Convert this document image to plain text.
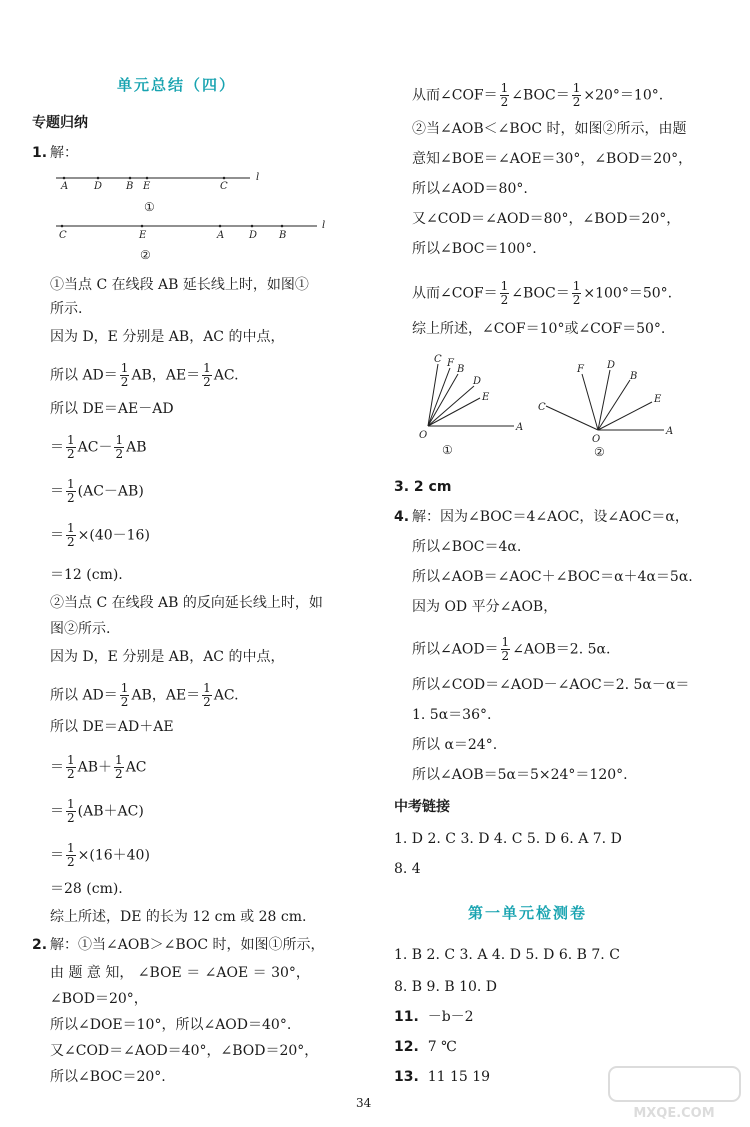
单元总结（四）
专题归纳
1. 解：
A	D B E	C
l
①
C	E	A D B
l
②
①当点 C 在线段 AB 延长线上时，如图①
所示.
因为 D，E 分别是 AB，AC 的中点，
所以 $AD= \frac{1}{2}$ AB，$AE= \frac{1}{2}$ AC.
所以 DE＝AE－AD
＝ $\frac{1}{2} AC- \frac{1}{2}$ AB
＝ $\frac{1}{2} (AC-AB)$
＝ $\frac{1}{2} \times(40-16)$
＝12 (cm).
②当点 C 在线段 AB 的反向延长线上时，如
图②所示.
因为 D，E 分别是 AB，AC 的中点，
所以 $AD= \frac{1}{2}$ AB，$AE= \frac{1}{2}$ AC.
所以 DE＝AD＋AE
＝ $\frac{1}{2} AB+ \frac{1}{2}$ AC
＝ $\frac{1}{2} (AB+AC)$
＝ $\frac{1}{2} \times(16+40)$
＝28 (cm).
综上所述，DE 的长为 12 cm 或 28 cm.
2. 解：①当∠AOB＞∠BOC 时，如图①所示，
由 题 意 知， ∠BOE ＝ ∠AOE ＝ 30°，
∠BOD＝20°，
所以∠DOE＝10°，所以∠AOD＝40°.
又∠COD＝∠AOD＝40°，∠BOD＝20°，
所以∠BOC＝20°.
从而∠COF＝ $\frac{1}{2}$ ∠BOC＝ $\frac{1}{2} \times 20^\circ=10^\circ$.
②当∠AOB＜∠BOC 时，如图②所示，由题
意知∠BOE＝∠AOE＝30°，∠BOD＝20°，
所以∠AOD＝80°.
又∠COD＝∠AOD＝80°，∠BOD＝20°，
所以∠BOC＝100°.
从而∠COF＝ $\frac{1}{2}$ ∠BOC＝ $\frac{1}{2} \times 100^\circ=50^\circ$.
综上所述，∠COF＝10°或∠COF＝50°.
C F
B
D
E
O
A
①
C
F D
B
E
O
A
②
3. 2 cm
4. 解：因为∠BOC＝4∠AOC，设∠AOC＝α，
所以∠BOC＝4α.
所以∠AOB＝∠AOC＋∠BOC＝α＋4α＝5α.
因为 OD 平分∠AOB，
所以∠AOD＝ $\frac{1}{2}$ ∠AOB＝2. 5α.
所以∠COD＝∠AOD－∠AOC＝2. 5α－α＝
1. 5α＝36°.
所以 α＝24°.
所以∠AOB＝5α＝5×24°＝120°.
中考链接
1. D 2. C 3. D 4. C 5. D 6. A 7. D
8. 4
第一单元检测卷
1. B 2. C 3. A 4. D 5. D 6. B 7. C
8. B 9. B 10. D
11. －b－2
12. 7 ℃
13. 11 15 19
34
MXQE.COM
